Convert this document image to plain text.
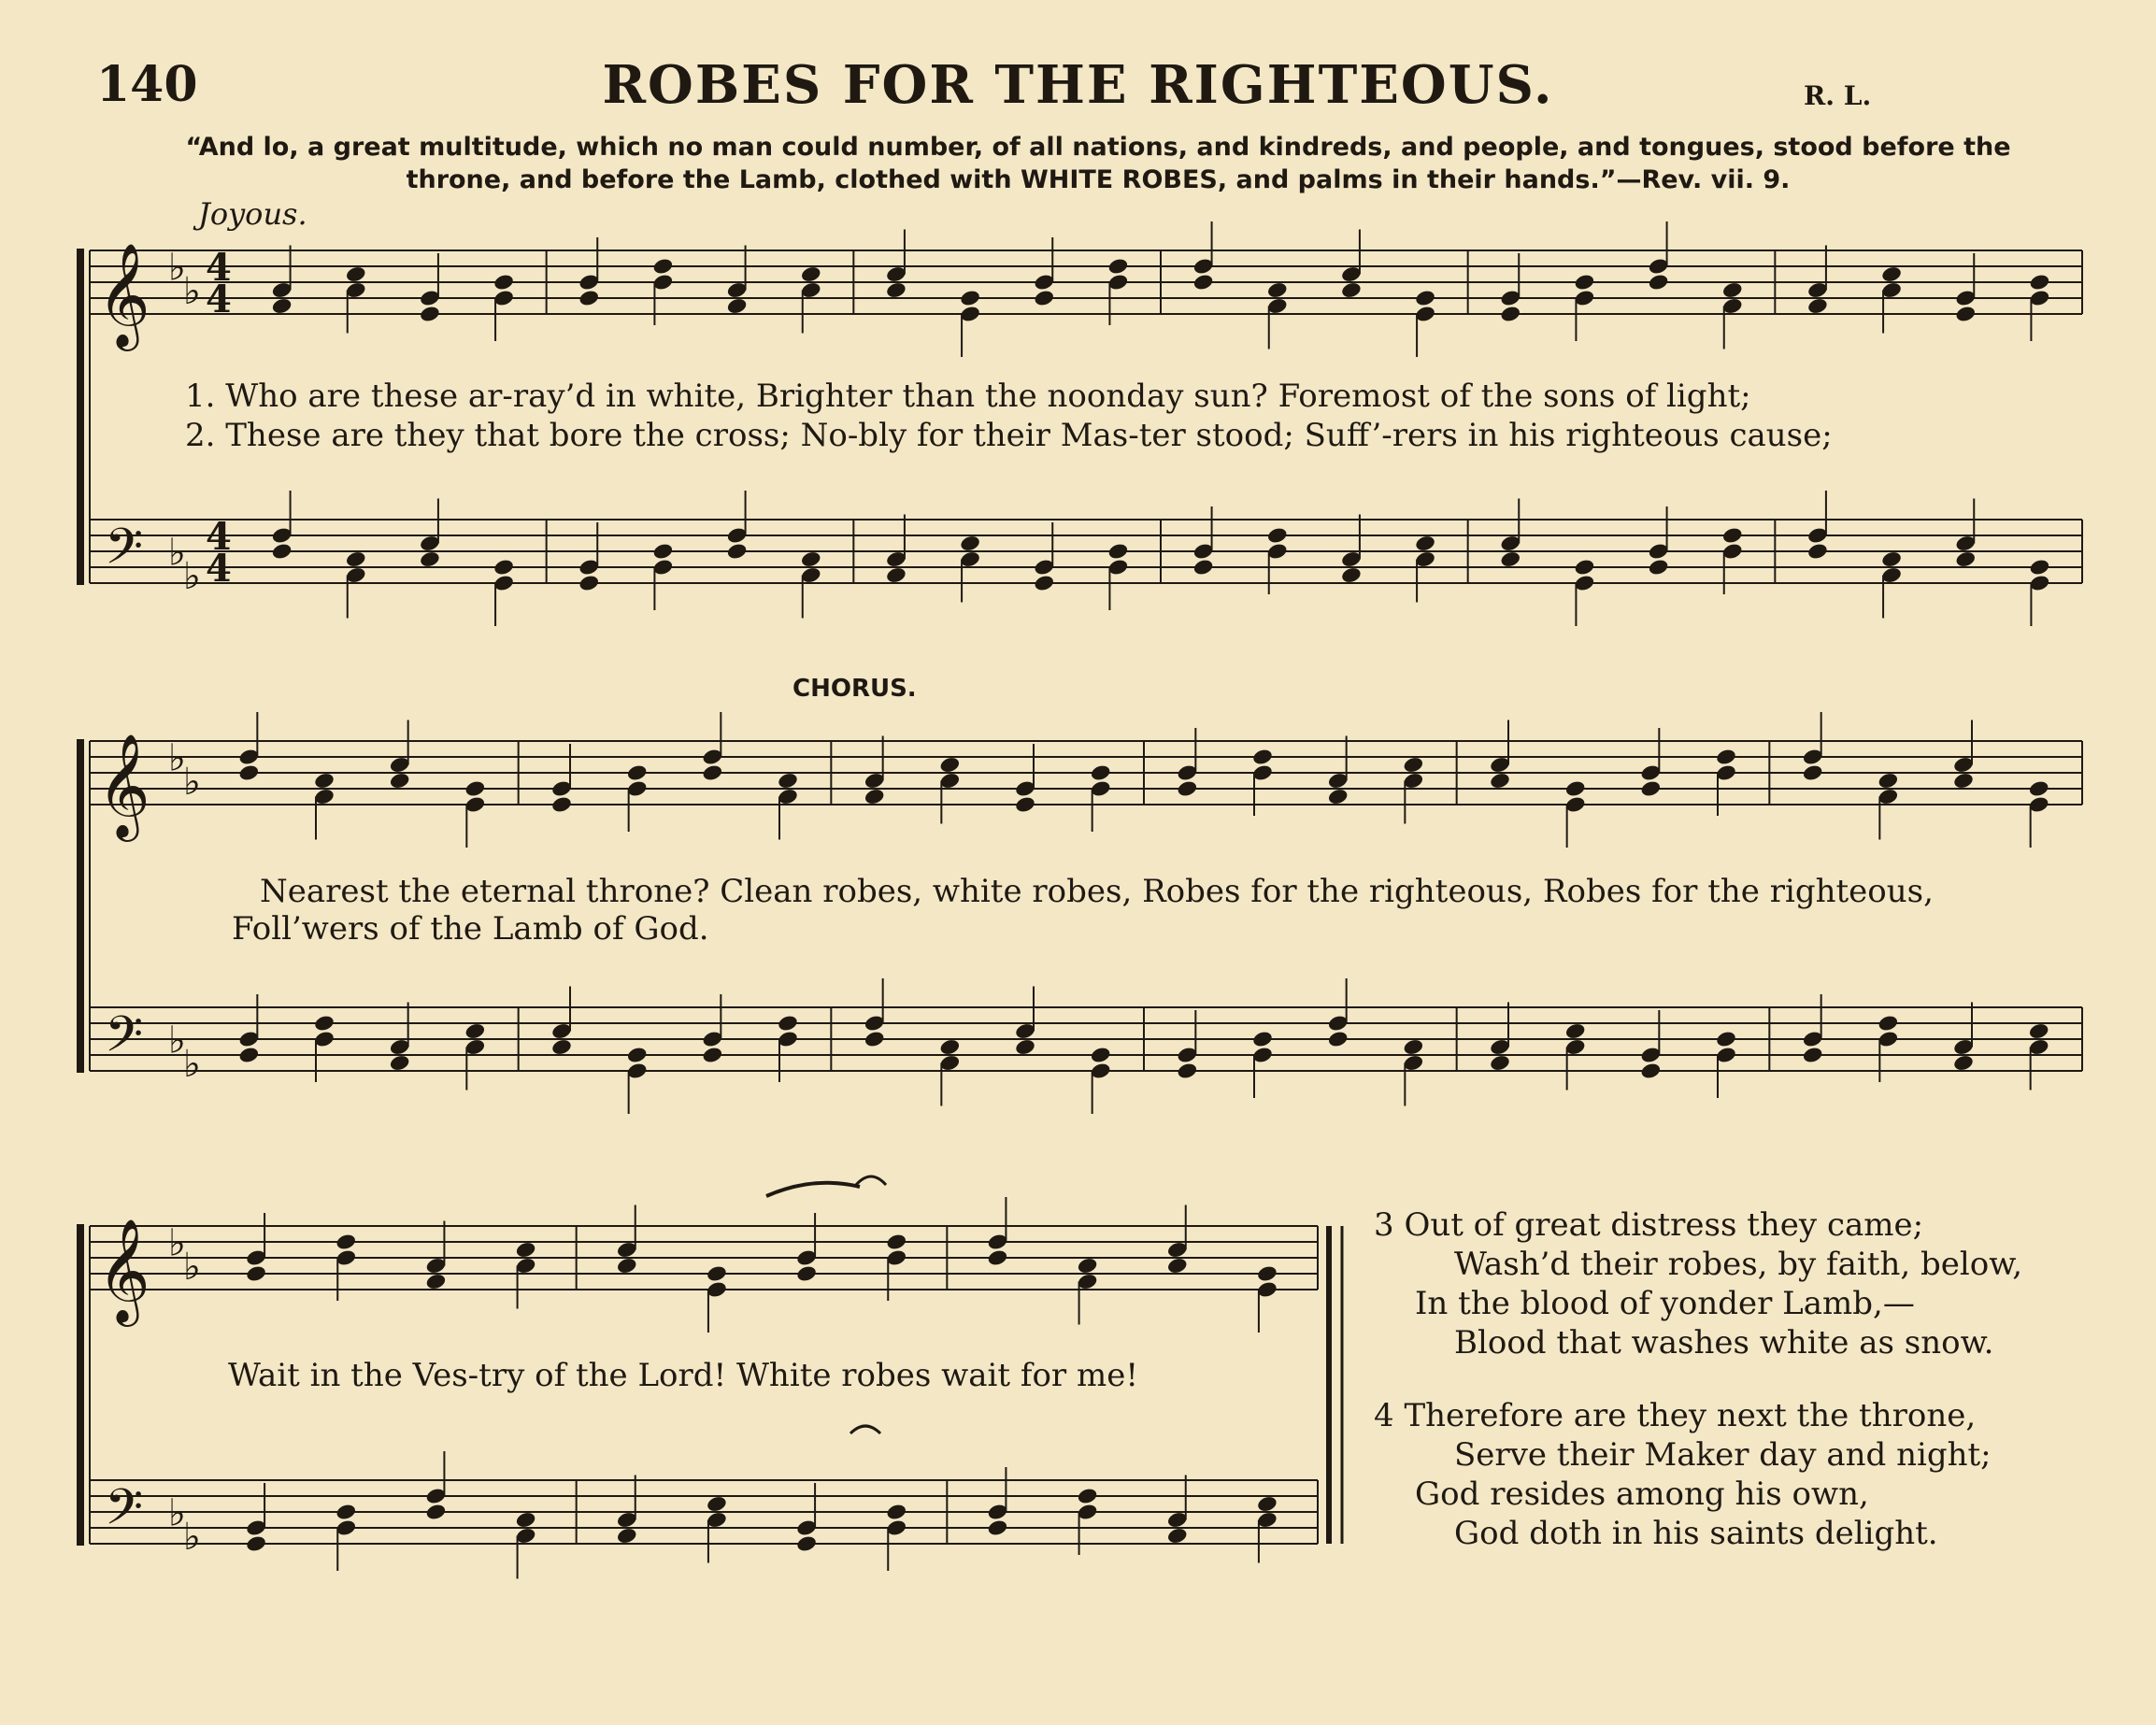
140	ROBES FOR THE RIGHTEOUS.	R. L.
“And lo, a great multitude, which no man could number, of all nations, and kindreds, and people, and tongues, stood before the
throne, and before the Lamb, clothed with WHITE ROBES, and palms in their hands.”—Rev. vii. 9.
Joyous.
𝄞
𝄢
♭
♭
♭
♭
4
4
4
4
𝄞
𝄢
♭
♭
♭
♭
𝄞
𝄢
♭
♭
♭
♭
CHORUS.
1. Who are these ar-ray’d in white, Brighter than the noonday sun? Foremost of the sons of light;
2. These are they that bore the cross; No-bly for their Mas-ter stood; Suff’-rers in his righteous cause;
Nearest the eternal throne? Clean robes, white robes, Robes for the righteous, Robes for the righteous,
Foll’wers of the Lamb of God.
Wait in the Ves-try of the Lord! White robes wait for me!
3 Out of great distress they came;
Wash’d their robes, by faith, below,
In the blood of yonder Lamb,—
Blood that washes white as snow.
4 Therefore are they next the throne,
Serve their Maker day and night;
God resides among his own,
God doth in his saints delight.
